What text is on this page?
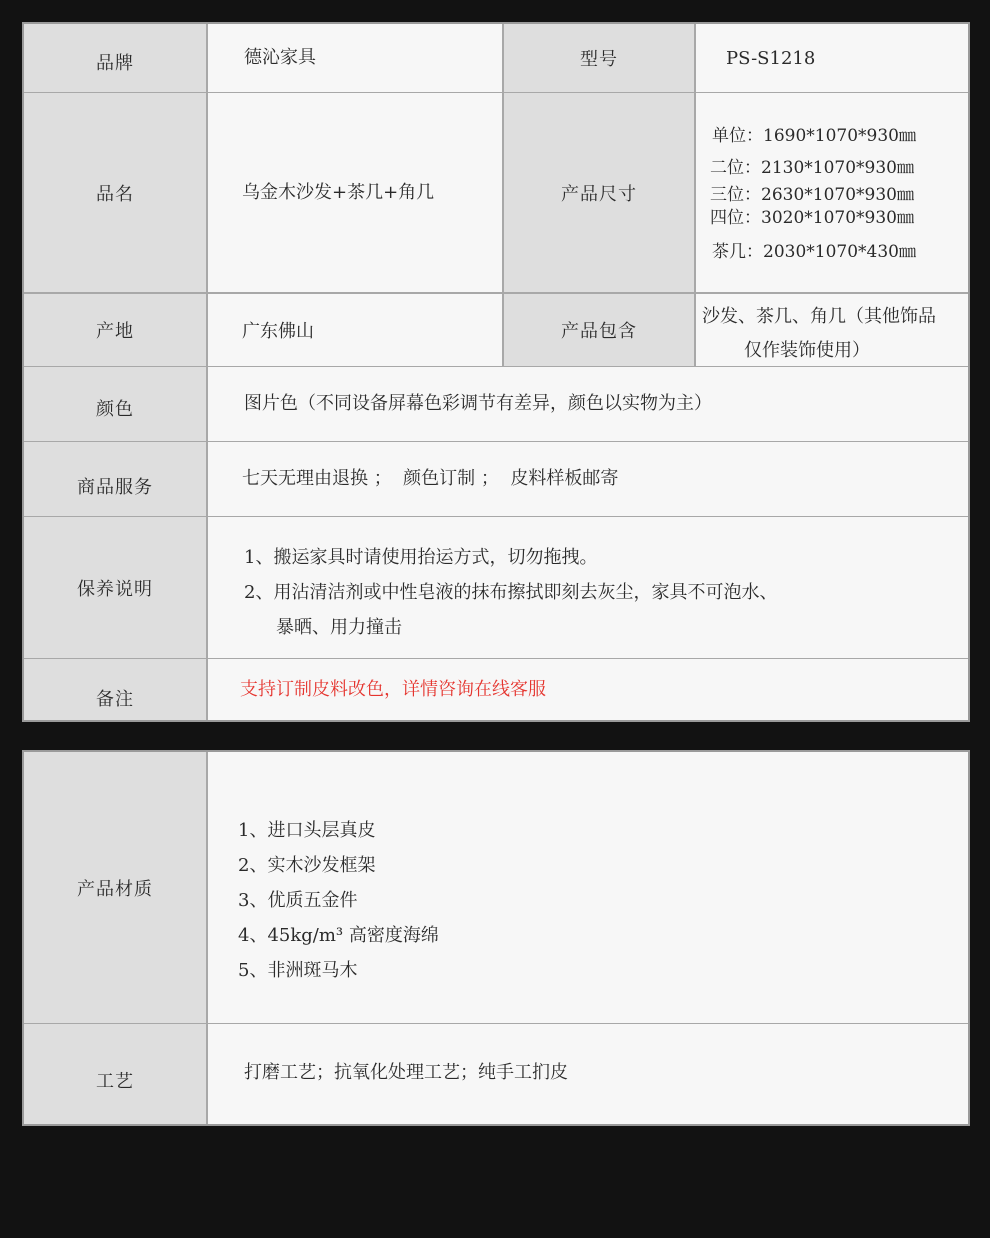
品牌	德沁家具	型号	PS-S1218
品名	乌金木沙发+茶几+角几	产品尺寸
单位：1690*1070*930㎜
二位：2130*1070*930㎜
三位：2630*1070*930㎜
四位：3020*1070*930㎜
茶几：2030*1070*430㎜
产地	广东佛山	产品包含
沙发、茶几、角几（其他饰品
仅作装饰使用）
颜色	图片色（不同设备屏幕色彩调节有差异，颜色以实物为主）
商品服务	七天无理由退换 ；  颜色订制 ；  皮料样板邮寄
保养说明
1、搬运家具时请使用抬运方式，切勿拖拽。
2、用沾清洁剂或中性皂液的抹布擦拭即刻去灰尘，家具不可泡水、
暴晒、用力撞击
备注	支持订制皮料改色，详情咨询在线客服
产品材质
1、进口头层真皮
2、实木沙发框架
3、优质五金件
4、45kg/m³ 高密度海绵
5、非洲斑马木
工艺	打磨工艺；抗氧化处理工艺；纯手工扪皮
